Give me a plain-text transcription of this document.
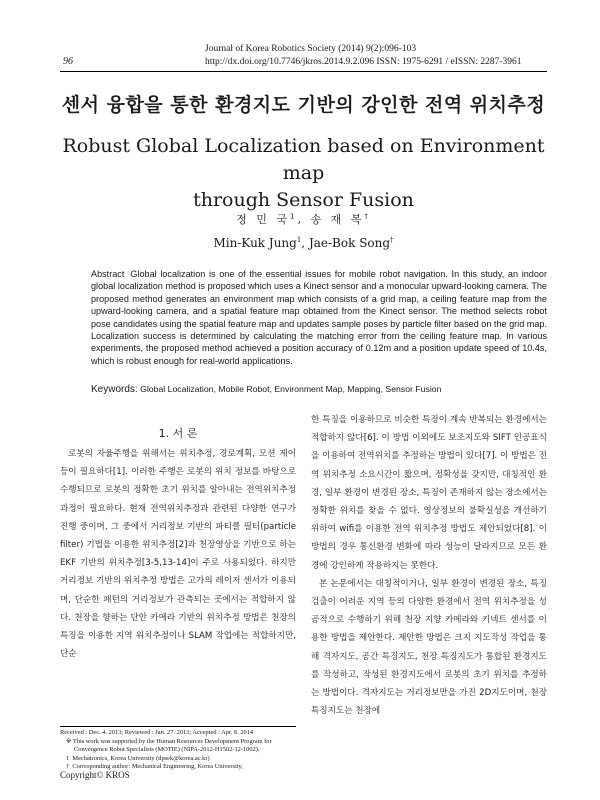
96
Journal of Korea Robotics Society (2014) 9(2):096-103
http://dx.doi.org/10.7746/jkros.2014.9.2.096 ISSN: 1975-6291 / eISSN: 2287-3961
센서 융합을 통한 환경지도 기반의 강인한 전역 위치추정
Robust Global Localization based on Environment map
through Sensor Fusion
정 민 국$^1$, 송 재 복†
Min-Kuk Jung$^1$, Jae-Bok Song†
Abstract Global localization is one of the essential issues for mobile robot navigation. In this study, an indoor global localization method is proposed which uses a Kinect sensor and a monocular upward-looking camera. The proposed method generates an environment map which consists of a grid map, a ceiling feature map from the upward-looking camera, and a spatial feature map obtained from the Kinect sensor. The method selects robot pose candidates using the spatial feature map and updates sample poses by particle filter based on the grid map. Localization success is determined by calculating the matching error from the ceiling feature map. In various experiments, the proposed method achieved a position accuracy of 0.12m and a position update speed of 10.4s, which is robust enough for real-world applications.
Keywords: Global Localization, Mobile Robot, Environment Map, Mapping, Sensor Fusion
1. 서 론
로봇의 자율주행을 위해서는 위치추정, 경로계획, 모션 제어 등이 필요하다[1]. 이러한 주행은 로봇의 위치 정보를 바탕으로 수행되므로 로봇의 정확한 초기 위치를 알아내는 전역위치추정 과정이 필요하다. 현재 전역위치추정과 관련된 다양한 연구가 진행 중이며, 그 중에서 거리정보 기반의 파티클 필터(particle filter) 기법을 이용한 위치추정[2]과 천장영상을 기반으로 하는 EKF 기반의 위치추정[3-5,13-14]이 주로 사용되었다. 하지만 거리정보 기반의 위치추정 방법은 고가의 레이저 센서가 이용되며, 단순한 패턴의 거리정보가 관측되는 곳에서는 적합하지 않다. 천장을 향하는 단안 카메라 기반의 위치추정 방법은 천장의 특징을 이용한 지역 위치추정이나 SLAM 작업에는 적합하지만, 단순

한 특징을 이용하므로 비슷한 특징이 계속 반복되는 환경에서는 적합하지 않다[6]. 이 방법 이외에도 보조지도와 SIFT 인공표식을 이용하여 전역위치를 추정하는 방법이 있다[7]. 이 방법은 전역 위치추정 소요시간이 짧으며, 정확성을 갖지만, 대칭적인 환경, 일부 환경이 변경된 장소, 특징이 존재하지 않는 장소에서는 정확한 위치를 찾을 수 없다. 영상정보의 불확실성을 개선하기 위하여 wifi를 이용한 전역 위치추정 방법도 제안되었다[8]. 이 방법의 경우 통신환경 변화에 따라 성능이 달라지므로 모든 환경에 강인하게 작용하지는 못한다.

본 논문에서는 대칭적이거나, 일부 환경이 변경된 장소, 특징 검출이 어려운 지역 등의 다양한 환경에서 전역 위치추정을 성공적으로 수행하기 위해 천장 지향 카메라와 키넥트 센서를 이용한 방법을 제안한다. 제안한 방법은 크지 지도작성 작업을 통해 격자지도, 공간 특징지도, 천장 특징지도가 통합된 환경지도를 작성하고, 작성된 환경지도에서 로봇의 초기 위치를 추정하는 방법이다. 격자지도는 거리정보만을 가진 2D지도이며, 천장 특징지도는 천장에

Received : Dec. 4. 2013; Reviewed : Jan. 27. 2013; Accepted : Apr. 8. 2014
※ This work was supported by the Human Resources Development Program for Convergence Robot Specialists (MOTIE) (NIPA-2012-H1502-12-1002).
1 Mechatronics, Korea University (dpsek@korea.ac.kr)
† Corresponding author: Mechanical Engineering, Korea University,
Copyright© KROS
